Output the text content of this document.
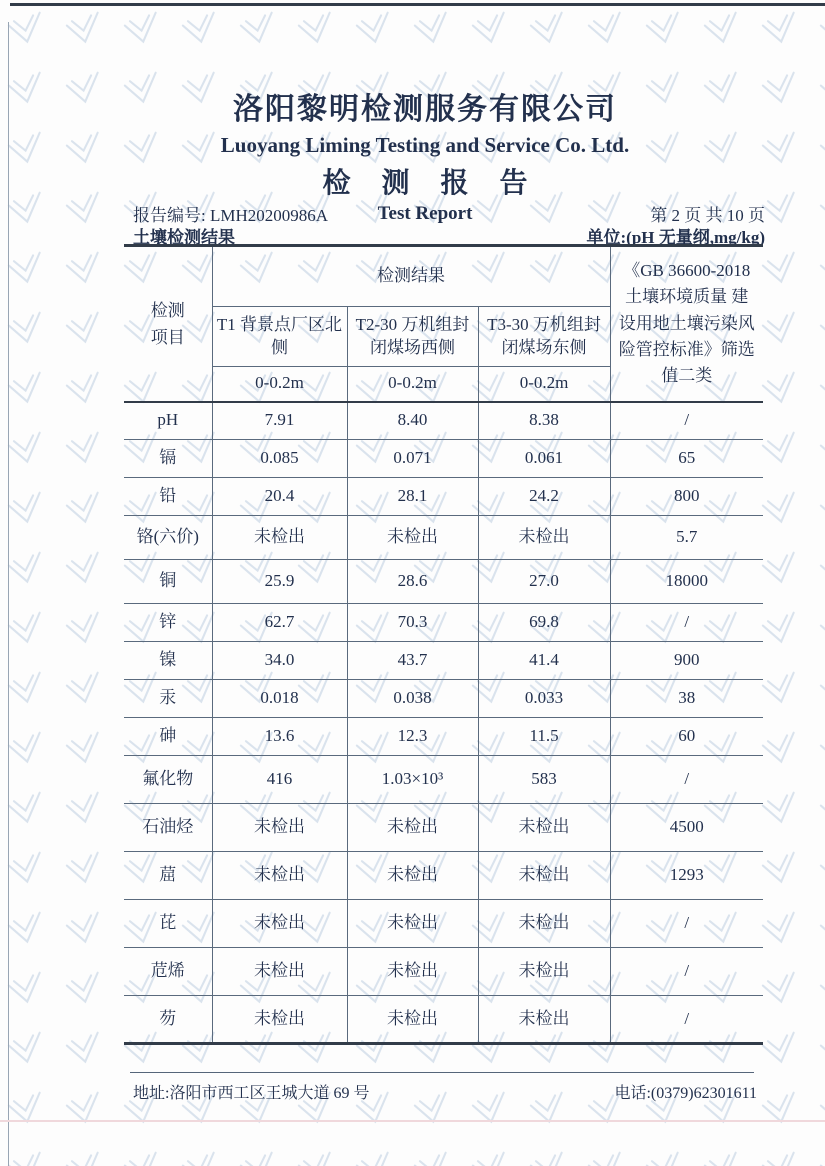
洛阳黎明检测服务有限公司
Luoyang Liming Testing and Service Co. Ltd.
检 测 报 告
Test Report
报告编号: LMH20200986A	第 2 页 共 10 页
土壤检测结果	单位:(pH 无量纲,mg/kg)
检测项目	检测结果			《GB 36600-2018 土壤环境质量 建设用地土壤污染风险管控标准》筛选值二类
	T1 背景点厂区北侧	T2-30 万机组封闭煤场西侧	T3-30 万机组封闭煤场东侧	
	0-0.2m	0-0.2m	0-0.2m	
pH	7.91	8.40	8.38	/
镉	0.085	0.071	0.061	65
铅	20.4	28.1	24.2	800
铬(六价)	未检出	未检出	未检出	5.7
铜	25.9	28.6	27.0	18000
锌	62.7	70.3	69.8	/
镍	34.0	43.7	41.4	900
汞	0.018	0.038	0.033	38
砷	13.6	12.3	11.5	60
氟化物	416	1.03×10³	583	/
石油烃	未检出	未检出	未检出	4500
䓛	未检出	未检出	未检出	1293
芘	未检出	未检出	未检出	/
苊烯	未检出	未检出	未检出	/
芴	未检出	未检出	未检出	/
地址:洛阳市西工区王城大道 69 号	电话:(0379)62301611
